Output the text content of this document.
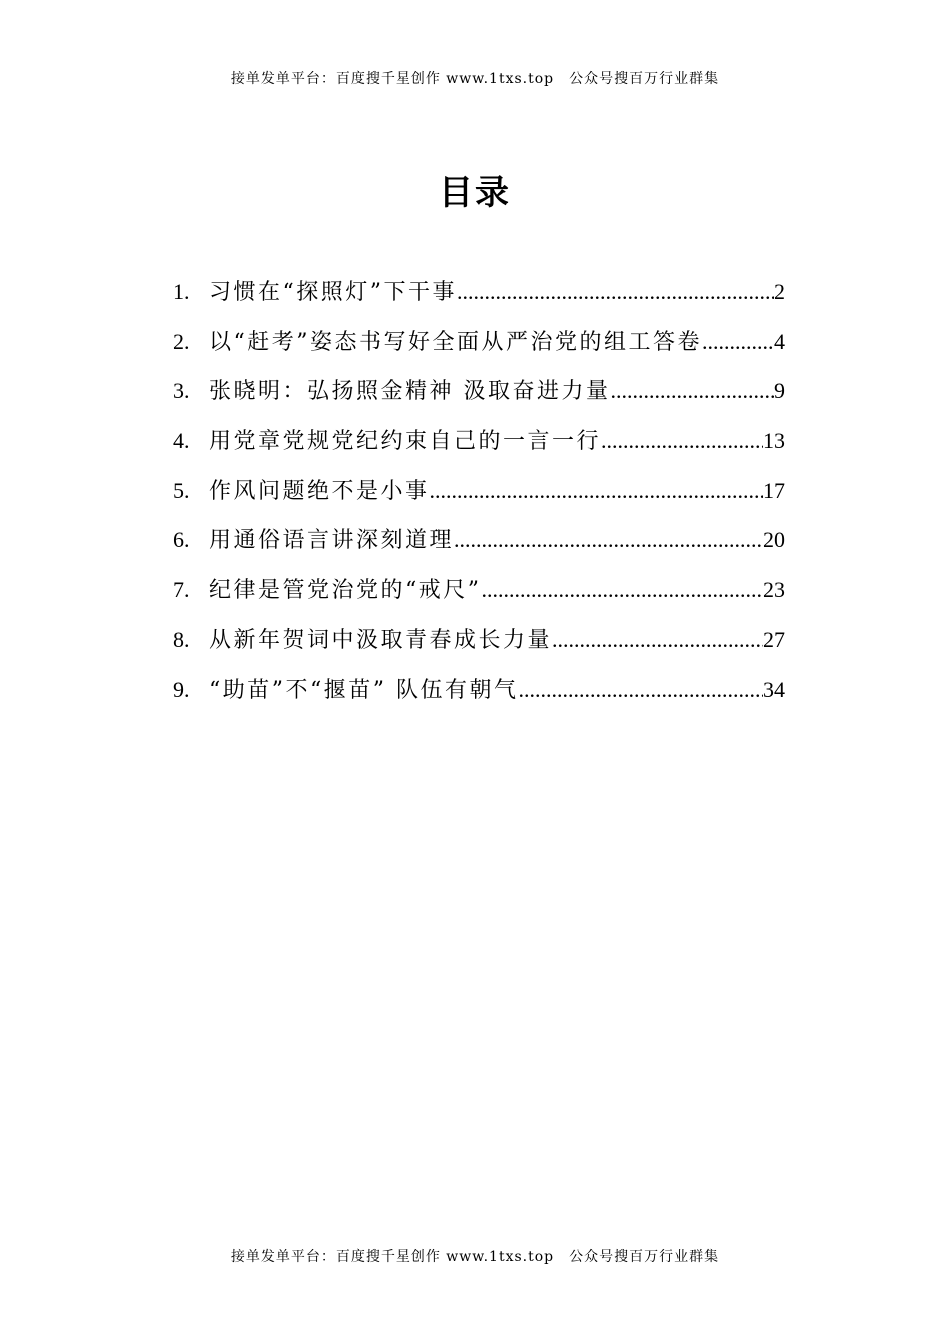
接单发单平台：百度搜千星创作 www.1txs.top　公众号搜百万行业群集
目录
1. 习惯在“探照灯”下干事 .....	2
2. 以“赶考”姿态书写好全面从严治党的组工答卷 .....	4
3. 张晓明：弘扬照金精神 汲取奋进力量 .....	9
4. 用党章党规党纪约束自己的一言一行 .....	13
5. 作风问题绝不是小事 .....	17
6. 用通俗语言讲深刻道理 .....	20
7. 纪律是管党治党的“戒尺” .....	23
8. 从新年贺词中汲取青春成长力量 .....	27
9. “助苗”不“揠苗” 队伍有朝气 .....	34
接单发单平台：百度搜千星创作 www.1txs.top　公众号搜百万行业群集
